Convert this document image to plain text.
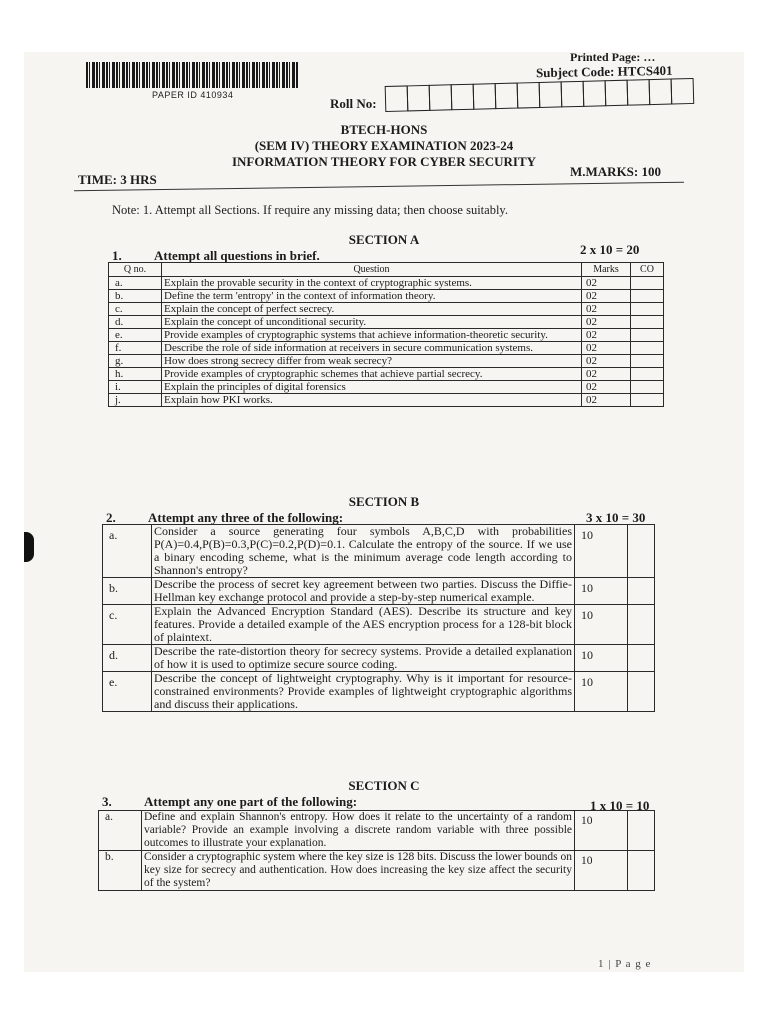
PAPER ID 410934
Printed Page: …
Subject Code: HTCS401
Roll No:
BTECH-HONS
(SEM IV) THEORY EXAMINATION 2023-24
INFORMATION THEORY FOR CYBER SECURITY
TIME: 3 HRS
M.MARKS: 100
Note: 1. Attempt all Sections. If require any missing data; then choose suitably.
SECTION A
1. Attempt all questions in brief.	2 x 10 = 20
Q no.	Question	Marks	CO
a.	Explain the provable security in the context of cryptographic systems.	02	
b.	Define the term 'entropy' in the context of information theory.	02	
c.	Explain the concept of perfect secrecy.	02	
d.	Explain the concept of unconditional security.	02	
e.	Provide examples of cryptographic systems that achieve information-theoretic security.	02	
f.	Describe the role of side information at receivers in secure communication systems.	02	
g.	How does strong secrecy differ from weak secrecy?	02	
h.	Provide examples of cryptographic schemes that achieve partial secrecy.	02	
i.	Explain the principles of digital forensics	02	
j.	Explain how PKI works.	02	
SECTION B
2. Attempt any three of the following:	3 x 10 = 30
a.	Consider a source generating four symbols A,B,C,D with probabilities P(A)=0.4,P(B)=0.3,P(C)=0.2,P(D)=0.1. Calculate the entropy of the source. If we use a binary encoding scheme, what is the minimum average code length according to Shannon's entropy?	10	
b.	Describe the process of secret key agreement between two parties. Discuss the Diffie-Hellman key exchange protocol and provide a step-by-step numerical example.	10	
c.	Explain the Advanced Encryption Standard (AES). Describe its structure and key features. Provide a detailed example of the AES encryption process for a 128-bit block of plaintext.	10	
d.	Describe the rate-distortion theory for secrecy systems. Provide a detailed explanation of how it is used to optimize secure source coding.	10	
e.	Describe the concept of lightweight cryptography. Why is it important for resource-constrained environments? Provide examples of lightweight cryptographic algorithms and discuss their applications.	10	
SECTION C
3. Attempt any one part of the following:	1 x 10 = 10
a.	Define and explain Shannon's entropy. How does it relate to the uncertainty of a random variable? Provide an example involving a discrete random variable with three possible outcomes to illustrate your explanation.	10	
b.	Consider a cryptographic system where the key size is 128 bits. Discuss the lower bounds on key size for secrecy and authentication. How does increasing the key size affect the security of the system?	10	
1 | P a g e
